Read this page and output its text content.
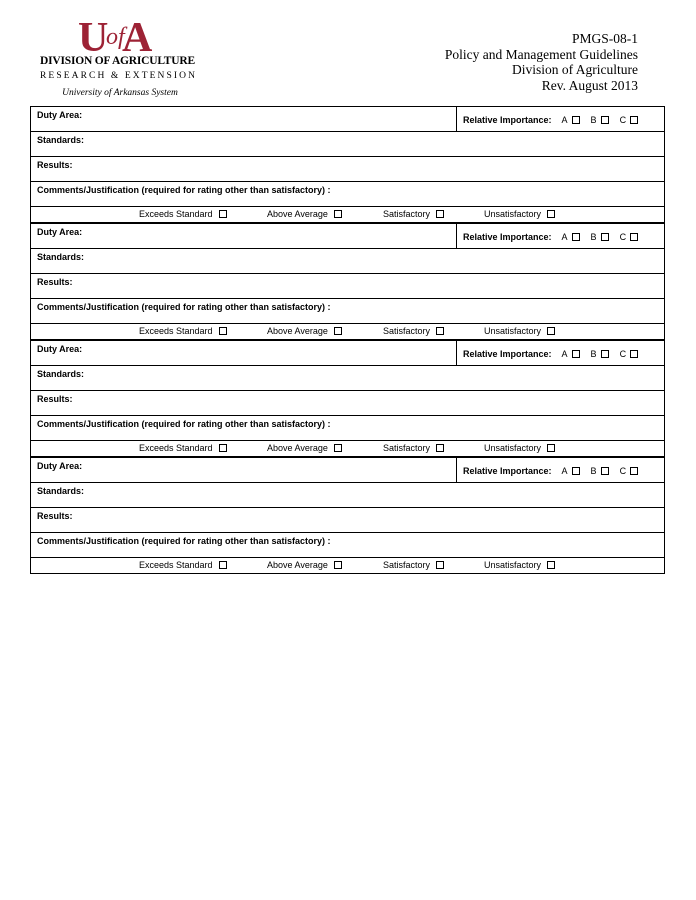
U
of
A
DIVISION OF AGRICULTURE
RESEARCH & EXTENSION
University of Arkansas System
PMGS-08-1
Policy and Management Guidelines
Division of Agriculture
Rev. August 2013
Duty Area:	Relative Importance: A	B	C
Standards:
Results:
Comments/Justification (required for rating other than satisfactory) :
Exceeds Standard	Above Average	Satisfactory	Unsatisfactory
Duty Area:	Relative Importance: A	B	C
Standards:
Results:
Comments/Justification (required for rating other than satisfactory) :
Exceeds Standard	Above Average	Satisfactory	Unsatisfactory
Duty Area:	Relative Importance: A	B	C
Standards:
Results:
Comments/Justification (required for rating other than satisfactory) :
Exceeds Standard	Above Average	Satisfactory	Unsatisfactory
Duty Area:	Relative Importance: A	B	C
Standards:
Results:
Comments/Justification (required for rating other than satisfactory) :
Exceeds Standard	Above Average	Satisfactory	Unsatisfactory
